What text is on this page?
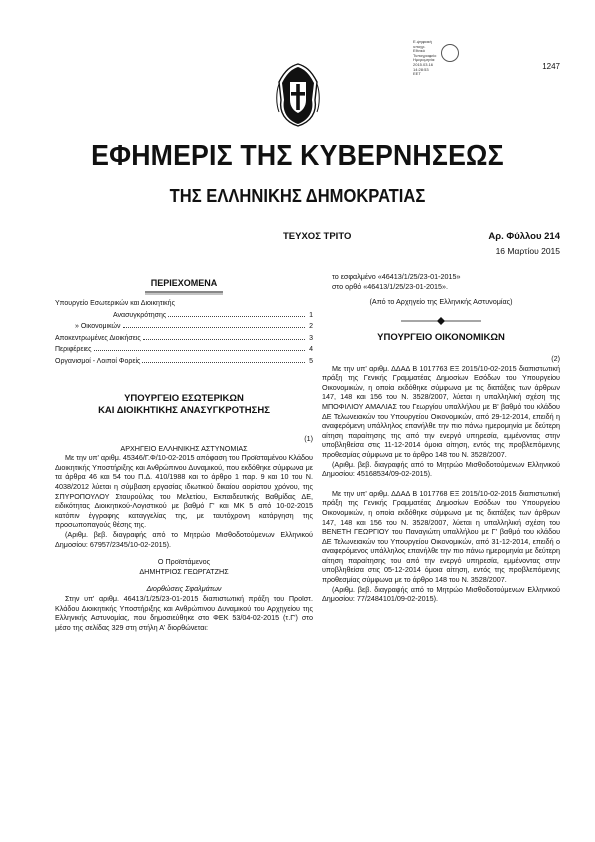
Ε.ψηφιακή
υπογρ.
Εθνικό
Τυπογραφείο
Ημερομηνία:
2015.03.16
14:28:53
EET
1247
ΕΦΗΜΕΡΙΣ ΤΗΣ ΚΥΒΕΡΝΗΣΕΩΣ
ΤΗΣ ΕΛΛΗΝΙΚΗΣ ΔΗΜΟΚΡΑΤΙΑΣ
ΤΕΥΧΟΣ ΤΡΙΤΟ	Αρ. Φύλλου 214
16 Μαρτίου 2015
ΠΕΡΙΕΧΟΜΕΝΑ
Υπουργείο Εσωτερικών και Διοικητικής
Ανασυγκρότησης	1
» Οικονομικών	2
Αποκεντρωμένες Διοικήσεις	3
Περιφέρειες	4
Οργανισμοί - Λοιποί Φορείς	5
ΥΠΟΥΡΓΕΙΟ ΕΣΩΤΕΡΙΚΩΝ
ΚΑΙ ΔΙΟΙΚΗΤΙΚΗΣ ΑΝΑΣΥΓΚΡΟΤΗΣΗΣ

(1)

ΑΡΧΗΓΕΙΟ ΕΛΛΗΝΙΚΗΣ ΑΣΤΥΝΟΜΙΑΣ

Με την υπ' αριθμ. 45346/Γ.Φ/10-02-2015 απόφαση του Προϊσταμένου Κλάδου Διοικητικής Υποστήριξης και Ανθρώπινου Δυναμικού, που εκδόθηκε σύμφωνα με τα άρθρα 46 και 54 του Π.Δ. 410/1988 και το άρθρο 1 παρ. 9 και 10 του Ν. 4038/2012 λύεται η σύμβαση εργασίας ιδιωτικού δικαίου αορίστου χρόνου, της ΣΠΥΡΟΠΟΥΛΟΥ Σταυρούλας του Μελετίου, Εκπαιδευτικής Βαθμίδας ΔΕ, ειδικότητας Διοικητικού-Λογιστικού με βαθμό Γ' και ΜΚ 5 από 10-02-2015 κατόπιν έγγραφης καταγγελίας της, με ταυτόχρονη κατάργηση της προσωποπαγούς θέσης της.

(Αριθμ. βεβ. διαγραφής από το Μητρώο Μισθοδοτούμενων Ελληνικού Δημοσίου: 67957/2345/10-02-2015).

Ο Προϊστάμενος

ΔΗΜΗΤΡΙΟΣ ΓΕΩΡΓΑΤΖΗΣ

Διορθώσεις Σφαλμάτων

Στην υπ' αριθμ. 46413/1/25/23-01-2015 διαπιστωτική πράξη του Προϊστ. Κλάδου Διοικητικής Υποστήριξης και Ανθρώπινου Δυναμικού του Αρχηγείου της Ελληνικής Αστυνομίας, που δημοσιεύθηκε στο ΦΕΚ 53/04-02-2015 (τ.Γ') στο μέσο της σελίδας 329 στη στήλη Α' διορθώνεται:

το εσφαλμένο «46413/1/25/23-01-2015»

στο ορθό «46413/1/25/23-01-2015».

(Από το Αρχηγείο της Ελληνικής Αστυνομίας)

ΥΠΟΥΡΓΕΙΟ ΟΙΚΟΝΟΜΙΚΩΝ

(2)

Με την υπ' αριθμ. ΔΔΑΔ Β 1017763 ΕΞ 2015/10-02-2015 διαπιστωτική πράξη της Γενικής Γραμματέας Δημοσίων Εσόδων του Υπουργείου Οικονομικών, η οποία εκδόθηκε σύμφωνα με τις διατάξεις των άρθρων 147, 148 και 156 του Ν. 3528/2007, λύεται η υπαλληλική σχέση της ΜΠΟΦΙΛΙΟΥ ΑΜΑΛΙΑΣ του Γεωργίου υπαλλήλου με Β' βαθμό του κλάδου ΔΕ Τελωνειακών του Υπουργείου Οικονομικών, από 29-12-2014, επειδή η αναφερόμενη υπάλληλος επανήλθε την πιο πάνω ημερομηνία με δεύτερη αίτηση παραίτησης της από την ενεργό υπηρεσία, εμμένοντας στην υποβληθείσα στις 11-12-2014 όμοια αίτηση, εντός της προβλεπόμενης προθεσμίας σύμφωνα με το άρθρο 148 του Ν. 3528/2007.

(Αριθμ. βεβ. διαγραφής από το Μητρώο Μισθοδοτούμενων Ελληνικού Δημοσίου: 45168534/09-02-2015).

Με την υπ' αριθμ. ΔΔΑΔ Β 1017768 ΕΞ 2015/10-02-2015 διαπιστωτική πράξη της Γενικής Γραμματέας Δημοσίων Εσόδων του Υπουργείου Οικονομικών, η οποία εκδόθηκε σύμφωνα με τις διατάξεις των άρθρων 147, 148 και 156 του Ν. 3528/2007, λύεται η υπαλληλική σχέση του ΒΕΝΕΤΗ ΓΕΩΡΓΙΟΥ του Παναγιώτη υπαλλήλου με Γ' βαθμό του κλάδου ΔΕ Τελωνειακών του Υπουργείου Οικονομικών, από 31-12-2014, επειδή ο αναφερόμενος υπάλληλος επανήλθε την πιο πάνω ημερομηνία με δεύτερη αίτηση παραίτησης του από την ενεργό υπηρεσία, εμμένοντας στην υποβληθείσα στις 05-12-2014 όμοια αίτηση, εντός της προβλεπόμενης προθεσμίας σύμφωνα με το άρθρο 148 του Ν. 3528/2007.

(Αριθμ. βεβ. διαγραφής από το Μητρώο Μισθοδοτούμενων Ελληνικού Δημοσίου: 77/2484101/09-02-2015).
